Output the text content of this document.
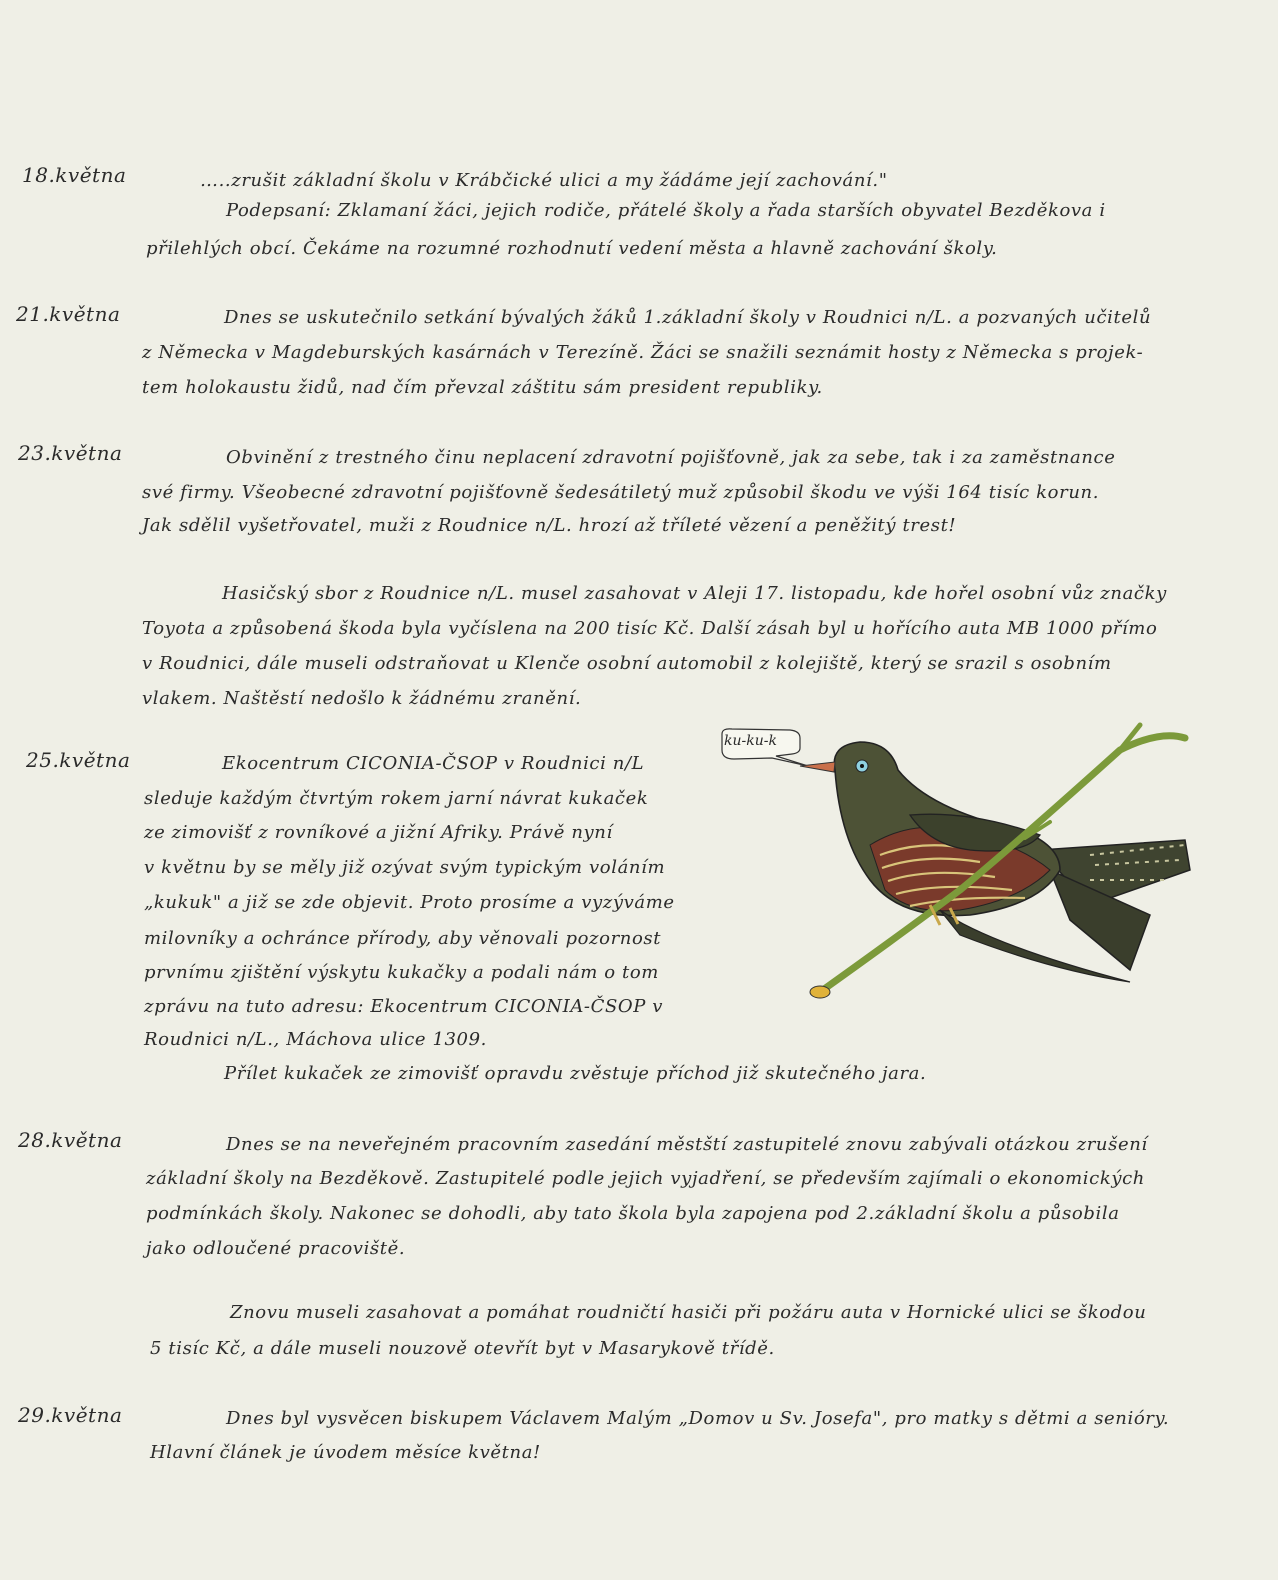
18.května	…..zrušit základní školu v Krábčické ulici a my žádáme její zachování."
Podepsaní: Zklamaní žáci, jejich rodiče, přátelé školy a řada starších obyvatel Bezděkova i
přilehlých obcí. Čekáme na rozumné rozhodnutí vedení města a hlavně zachování školy.
21.května	Dnes se uskutečnilo setkání bývalých žáků 1.základní školy v Roudnici n/L. a pozvaných učitelů
z Německa v Magdeburských kasárnách v Terezíně. Žáci se snažili seznámit hosty z Německa s projek-
tem holokaustu židů, nad čím převzal záštitu sám president republiky.
23.května	Obvinění z trestného činu neplacení zdravotní pojišťovně, jak za sebe, tak i za zaměstnance
své firmy. Všeobecné zdravotní pojišťovně šedesátiletý muž způsobil škodu ve výši 164 tisíc korun.
Jak sdělil vyšetřovatel, muži z Roudnice n/L. hrozí až tříleté vězení a peněžitý trest!
Hasičský sbor z Roudnice n/L. musel zasahovat v Aleji 17. listopadu, kde hořel osobní vůz značky
Toyota a způsobená škoda byla vyčíslena na 200 tisíc Kč. Další zásah byl u hořícího auta MB 1000 přímo
v Roudnici, dále museli odstraňovat u Klenče osobní automobil z kolejiště, který se srazil s osobním
vlakem. Naštěstí nedošlo k žádnému zranění.
25.května	Ekocentrum CICONIA-ČSOP v Roudnici n/L
sleduje každým čtvrtým rokem jarní návrat kukaček
ze zimovišť z rovníkové a jižní Afriky. Právě nyní
v květnu by se měly již ozývat svým typickým voláním
„kukuk" a již se zde objevit. Proto prosíme a vyzýváme
milovníky a ochránce přírody, aby věnovali pozornost
prvnímu zjištění výskytu kukačky a podali nám o tom
zprávu na tuto adresu: Ekocentrum CICONIA-ČSOP v
Roudnici n/L., Máchova ulice 1309.
Přílet kukaček ze zimovišť opravdu zvěstuje příchod již skutečného jara.
ku-ku-k
28.května	Dnes se na neveřejném pracovním zasedání městští zastupitelé znovu zabývali otázkou zrušení
základní školy na Bezděkově. Zastupitelé podle jejich vyjadření, se především zajímali o ekonomických
podmínkách školy. Nakonec se dohodli, aby tato škola byla zapojena pod 2.základní školu a působila
jako odloučené pracoviště.
Znovu museli zasahovat a pomáhat roudničtí hasiči při požáru auta v Hornické ulici se škodou
5 tisíc Kč, a dále museli nouzově otevřít byt v Masarykově třídě.
29.května	Dnes byl vysvěcen biskupem Václavem Malým „Domov u Sv. Josefa", pro matky s dětmi a senióry.
Hlavní článek je úvodem měsíce května!
